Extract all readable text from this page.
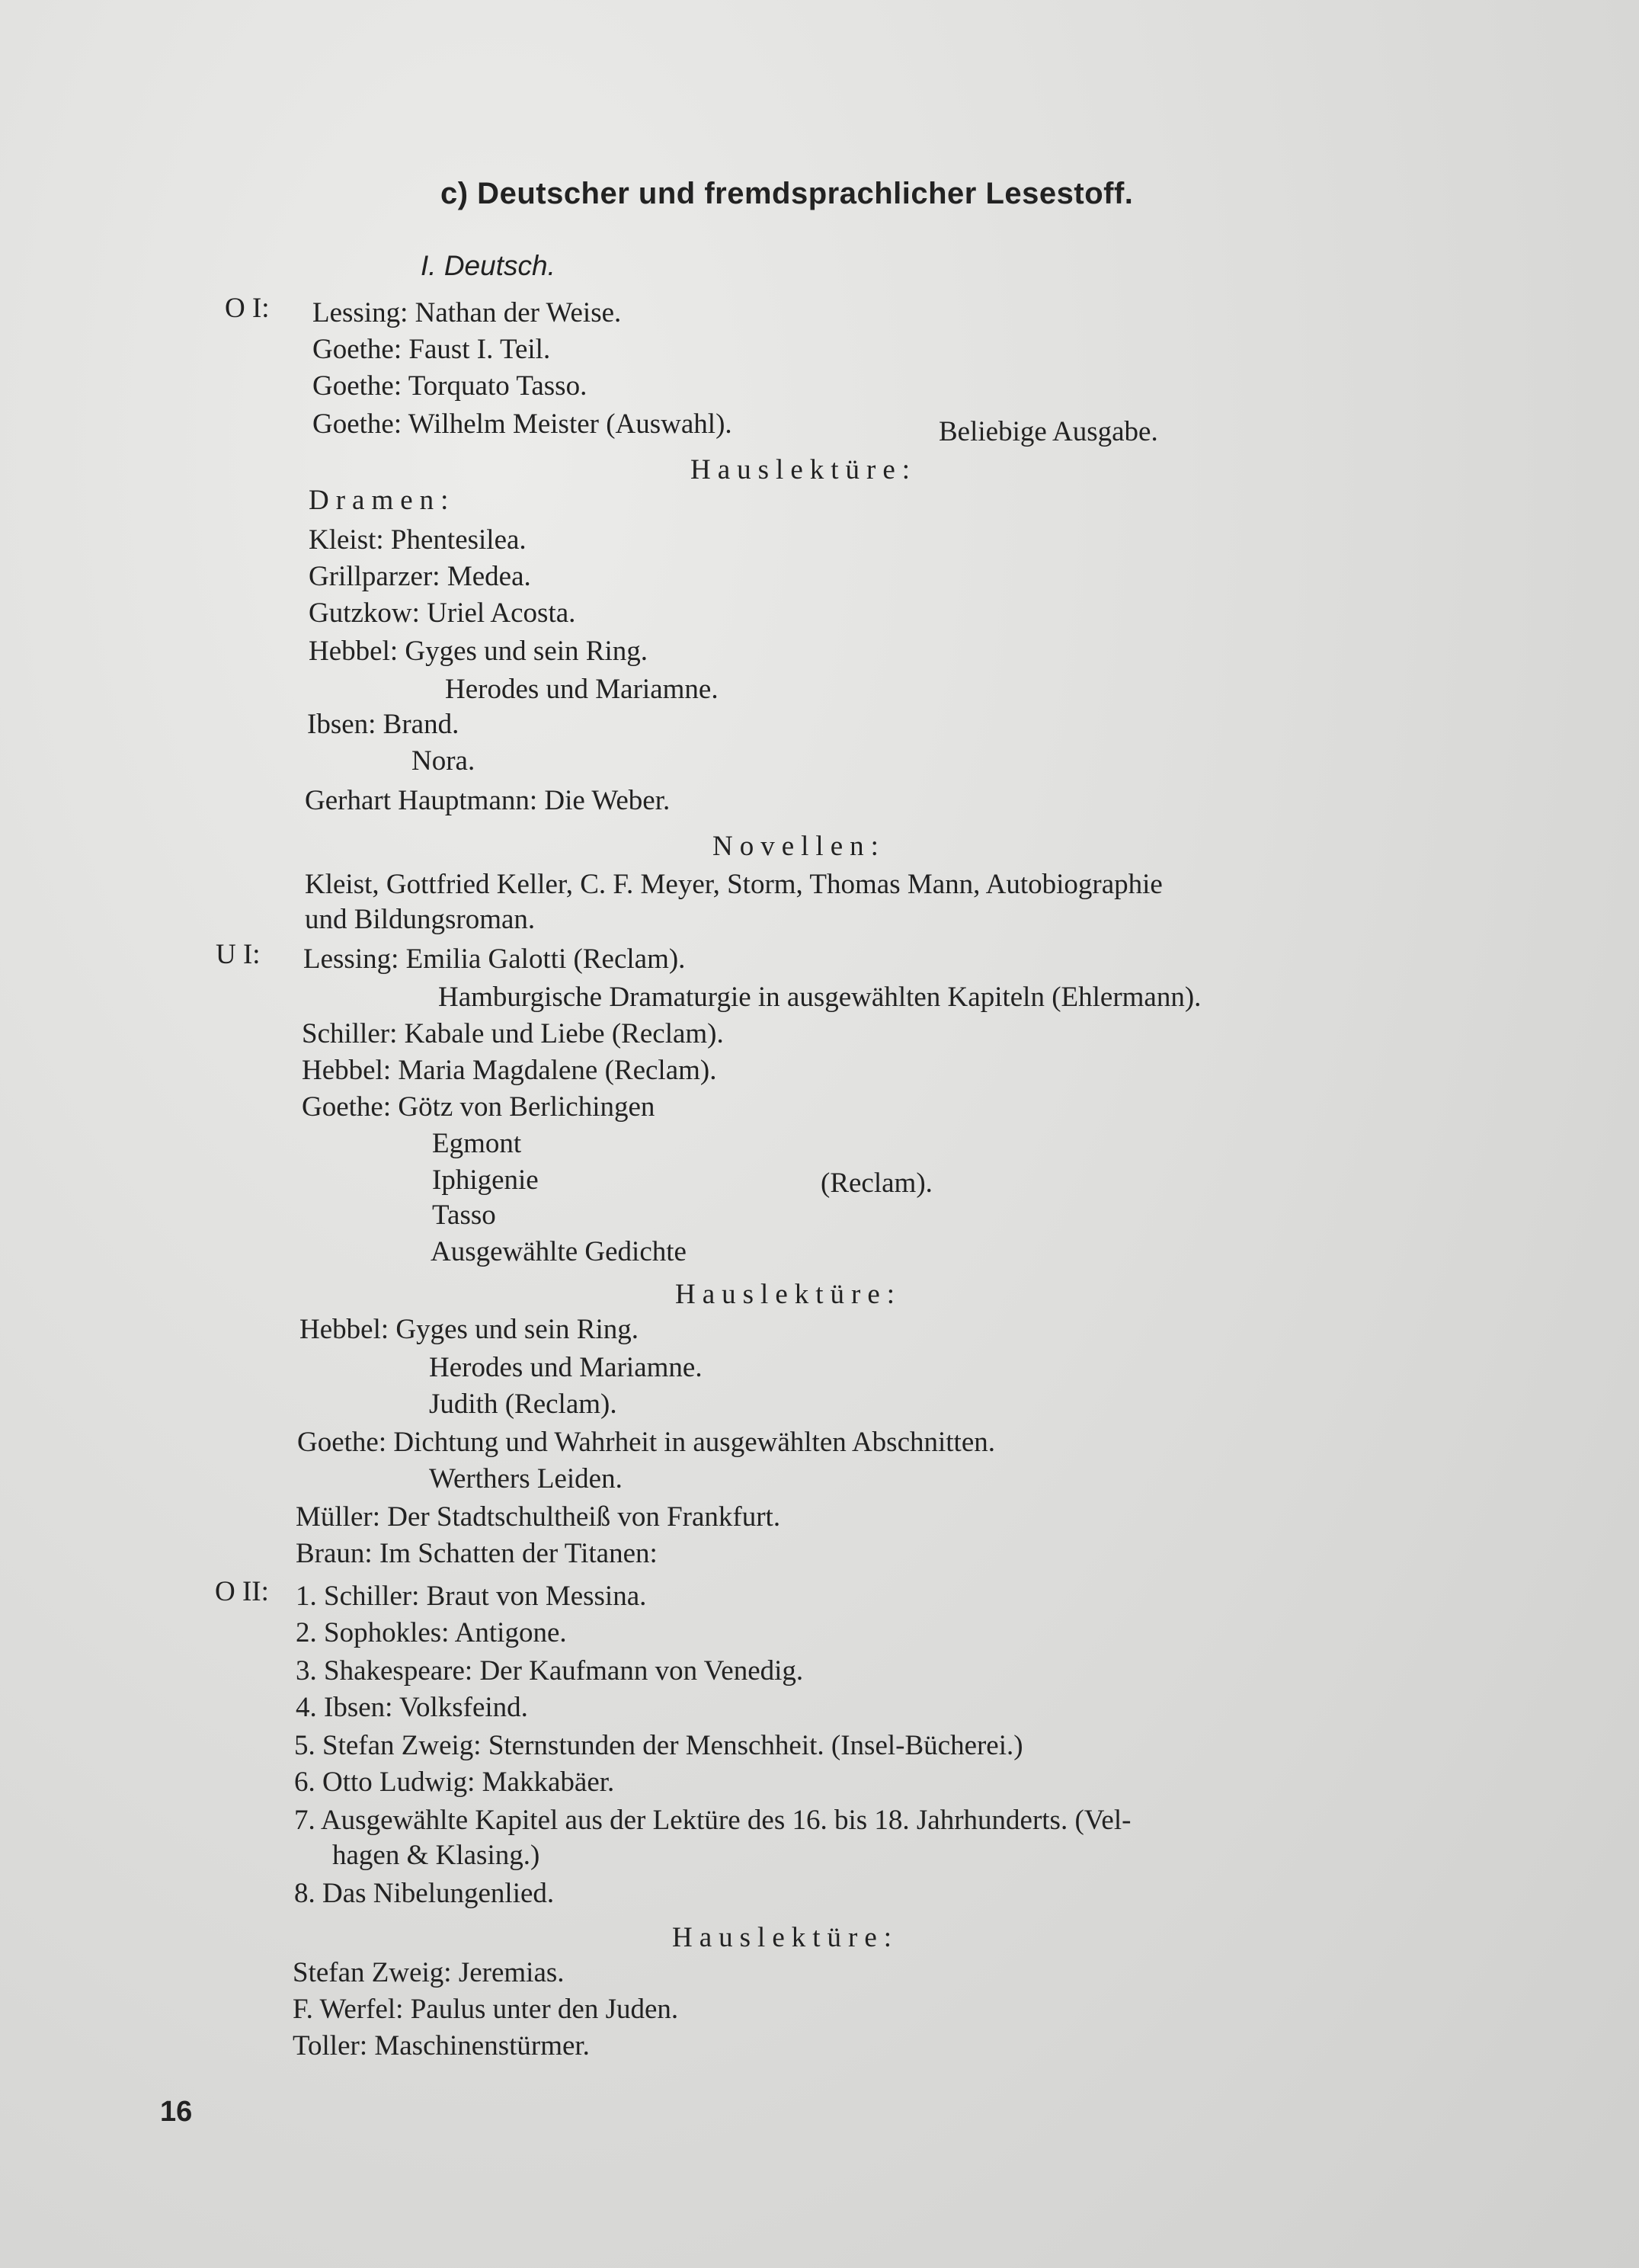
c) Deutscher und fremdsprachlicher Lesestoff.
I. Deutsch.
O I: Lessing: Nathan der Weise.
Goethe: Faust I. Teil.
Goethe: Torquato Tasso.
Goethe: Wilhelm Meister (Auswahl).	Beliebige Ausgabe.
Hauslektüre:
Dramen:
Kleist: Phentesilea.
Grillparzer: Medea.
Gutzkow: Uriel Acosta.
Hebbel: Gyges und sein Ring.
Herodes und Mariamne.
Ibsen: Brand.
Nora.
Gerhart Hauptmann: Die Weber.
Novellen:
Kleist, Gottfried Keller, C. F. Meyer, Storm, Thomas Mann, Autobiographie
und Bildungsroman.
U I: Lessing: Emilia Galotti (Reclam).
Hamburgische Dramaturgie in ausgewählten Kapiteln (Ehlermann).
Schiller: Kabale und Liebe (Reclam).
Hebbel: Maria Magdalene (Reclam).
Goethe: Götz von Berlichingen
Egmont
Iphigenie	(Reclam).
Tasso
Ausgewählte Gedichte
Hauslektüre:
Hebbel: Gyges und sein Ring.
Herodes und Mariamne.
Judith (Reclam).
Goethe: Dichtung und Wahrheit in ausgewählten Abschnitten.
Werthers Leiden.
Müller: Der Stadtschultheiß von Frankfurt.
Braun: Im Schatten der Titanen:
O II: 1. Schiller: Braut von Messina.
2. Sophokles: Antigone.
3. Shakespeare: Der Kaufmann von Venedig.
4. Ibsen: Volksfeind.
5. Stefan Zweig: Sternstunden der Menschheit. (Insel-Bücherei.)
6. Otto Ludwig: Makkabäer.
7. Ausgewählte Kapitel aus der Lektüre des 16. bis 18. Jahrhunderts. (Vel-
hagen & Klasing.)
8. Das Nibelungenlied.
Hauslektüre:
Stefan Zweig: Jeremias.
F. Werfel: Paulus unter den Juden.
Toller: Maschinenstürmer.
16
